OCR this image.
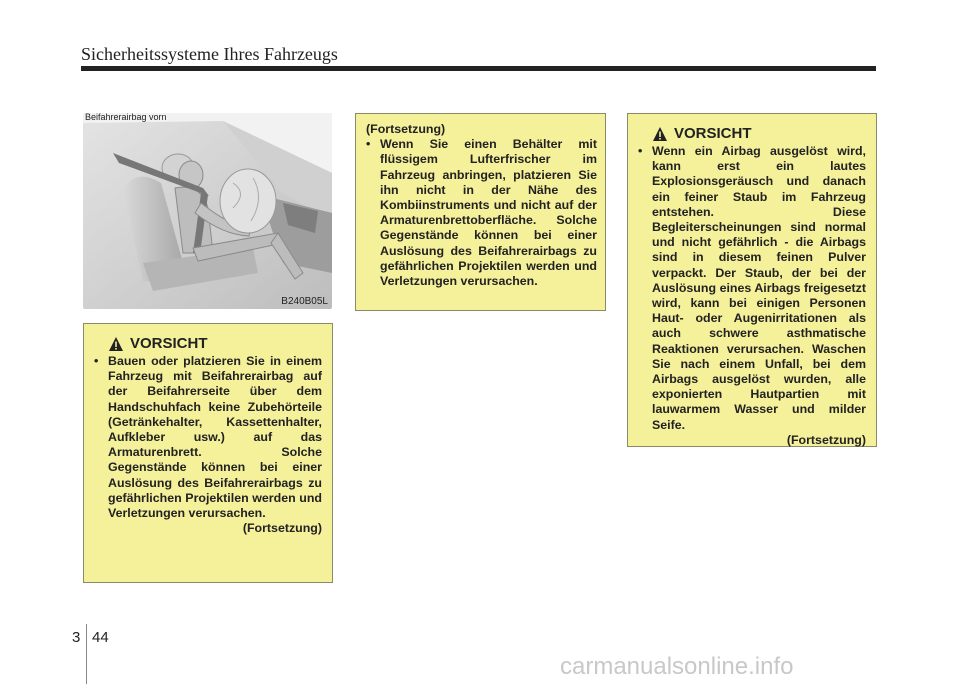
Sicherheitssysteme Ihres Fahrzeugs
B240B05L
Beifahrerairbag vorn
VORSICHT
• Bauen oder platzieren Sie in einem Fahrzeug mit Beifahrerairbag auf der Beifahrerseite über dem Handschuhfach keine Zubehörteile (Getränkehalter, Kassettenhalter, Aufkleber usw.) auf das Armaturenbrett. Solche Gegenstände können bei einer Auslösung des Beifahrerairbags zu gefährlichen Projektilen werden und Verletzungen verursachen.
(Fortsetzung)
(Fortsetzung)
• Wenn Sie einen Behälter mit flüssigem Lufterfrischer im Fahrzeug anbringen, platzieren Sie ihn nicht in der Nähe des Kombiinstruments und nicht auf der Armaturenbrettoberfläche. Solche Gegenstände können bei einer Auslösung des Beifahrerairbags zu gefährlichen Projektilen werden und Verletzungen verursachen.
VORSICHT
• Wenn ein Airbag ausgelöst wird, kann erst ein lautes Explosionsgeräusch und danach ein feiner Staub im Fahrzeug entstehen. Diese Begleiterscheinungen sind normal und nicht gefährlich - die Airbags sind in diesem feinen Pulver verpackt. Der Staub, der bei der Auslösung eines Airbags freigesetzt wird, kann bei einigen Personen Haut- oder Augenirritationen als auch schwere asthmatische Reaktionen verursachen. Waschen Sie nach einem Unfall, bei dem Airbags ausgelöst wurden, alle exponierten Hautpartien mit lauwarmem Wasser und milder Seife.
(Fortsetzung)
3 44
carmanualsonline.info
